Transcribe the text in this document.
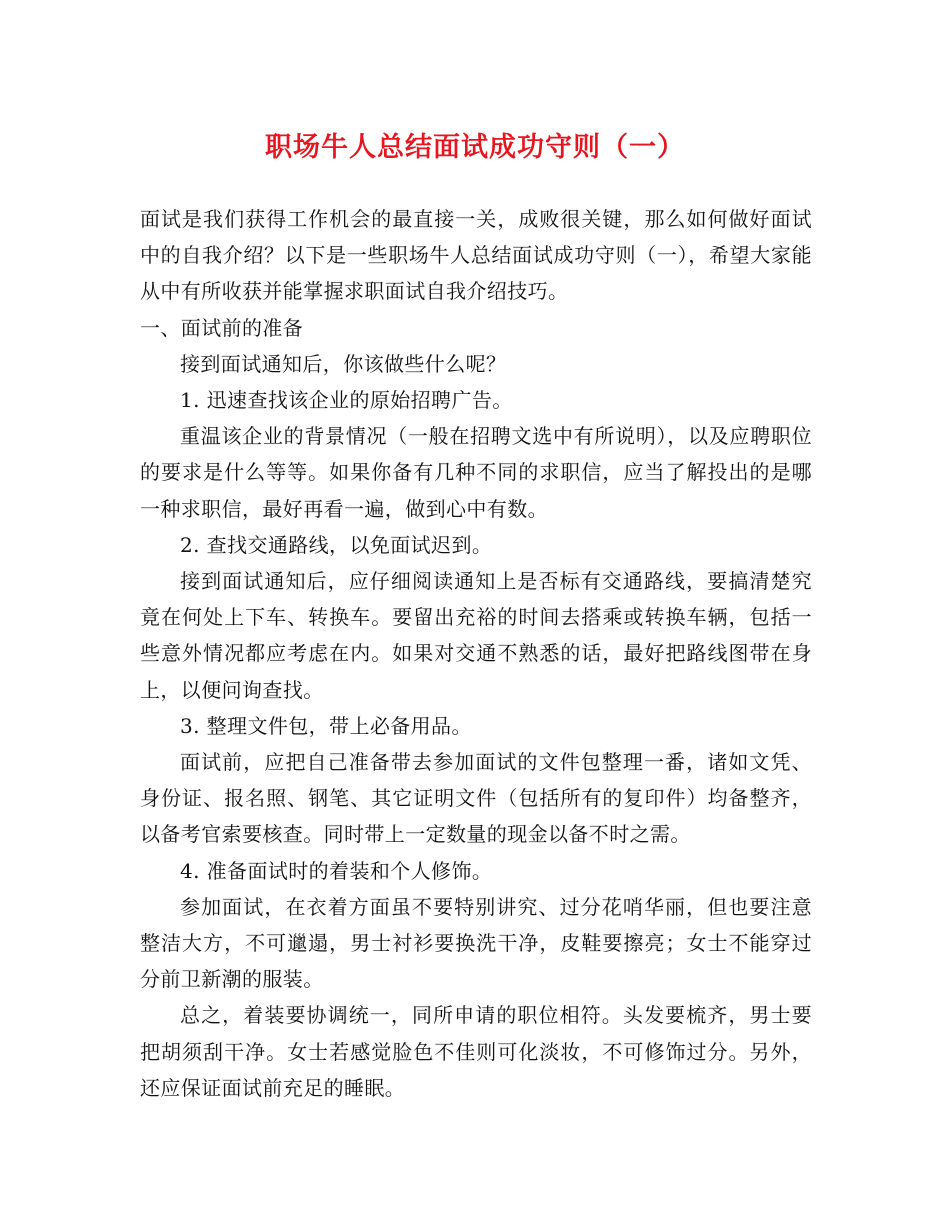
职场牛人总结面试成功守则（一）

面试是我们获得工作机会的最直接一关，成败很关键，那么如何做好面试中的自我介绍？以下是一些职场牛人总结面试成功守则（一），希望大家能从中有所收获并能掌握求职面试自我介绍技巧。

一、面试前的准备

接到面试通知后，你该做些什么呢？

1. 迅速查找该企业的原始招聘广告。

重温该企业的背景情况（一般在招聘文选中有所说明），以及应聘职位的要求是什么等等。如果你备有几种不同的求职信，应当了解投出的是哪一种求职信，最好再看一遍，做到心中有数。

2. 查找交通路线，以免面试迟到。

接到面试通知后，应仔细阅读通知上是否标有交通路线，要搞清楚究竟在何处上下车、转换车。要留出充裕的时间去搭乘或转换车辆，包括一些意外情况都应考虑在内。如果对交通不熟悉的话，最好把路线图带在身上，以便问询查找。

3. 整理文件包，带上必备用品。

面试前，应把自己准备带去参加面试的文件包整理一番，诸如文凭、身份证、报名照、钢笔、其它证明文件（包括所有的复印件）均备整齐，以备考官索要核查。同时带上一定数量的现金以备不时之需。

4. 准备面试时的着装和个人修饰。

参加面试，在衣着方面虽不要特别讲究、过分花哨华丽，但也要注意整洁大方，不可邋遢，男士衬衫要换洗干净，皮鞋要擦亮；女士不能穿过分前卫新潮的服装。

总之，着装要协调统一，同所申请的职位相符。头发要梳齐，男士要把胡须刮干净。女士若感觉脸色不佳则可化淡妆，不可修饰过分。另外，还应保证面试前充足的睡眠。
